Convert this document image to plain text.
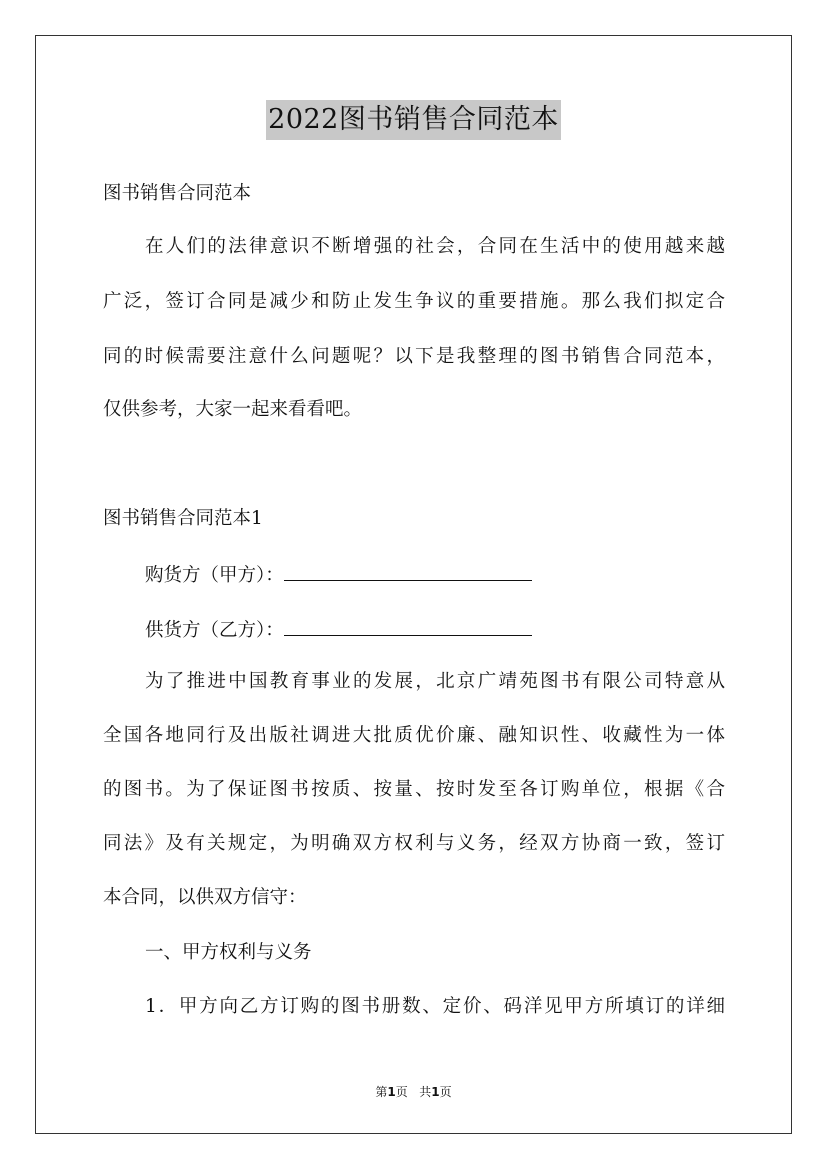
2022图书销售合同范本
图书销售合同范本
在人们的法律意识不断增强的社会，合同在生活中的使用越来越
广泛，签订合同是减少和防止发生争议的重要措施。那么我们拟定合
同的时候需要注意什么问题呢？以下是我整理的图书销售合同范本，
仅供参考，大家一起来看看吧。
图书销售合同范本1
购货方（甲方）：
供货方（乙方）：
为了推进中国教育事业的发展，北京广靖苑图书有限公司特意从
全国各地同行及出版社调进大批质优价廉、融知识性、收藏性为一体
的图书。为了保证图书按质、按量、按时发至各订购单位，根据《合
同法》及有关规定，为明确双方权利与义务，经双方协商一致，签订
本合同，以供双方信守：
一、甲方权利与义务
1．甲方向乙方订购的图书册数、定价、码洋见甲方所填订的详细
第1页 共1页
